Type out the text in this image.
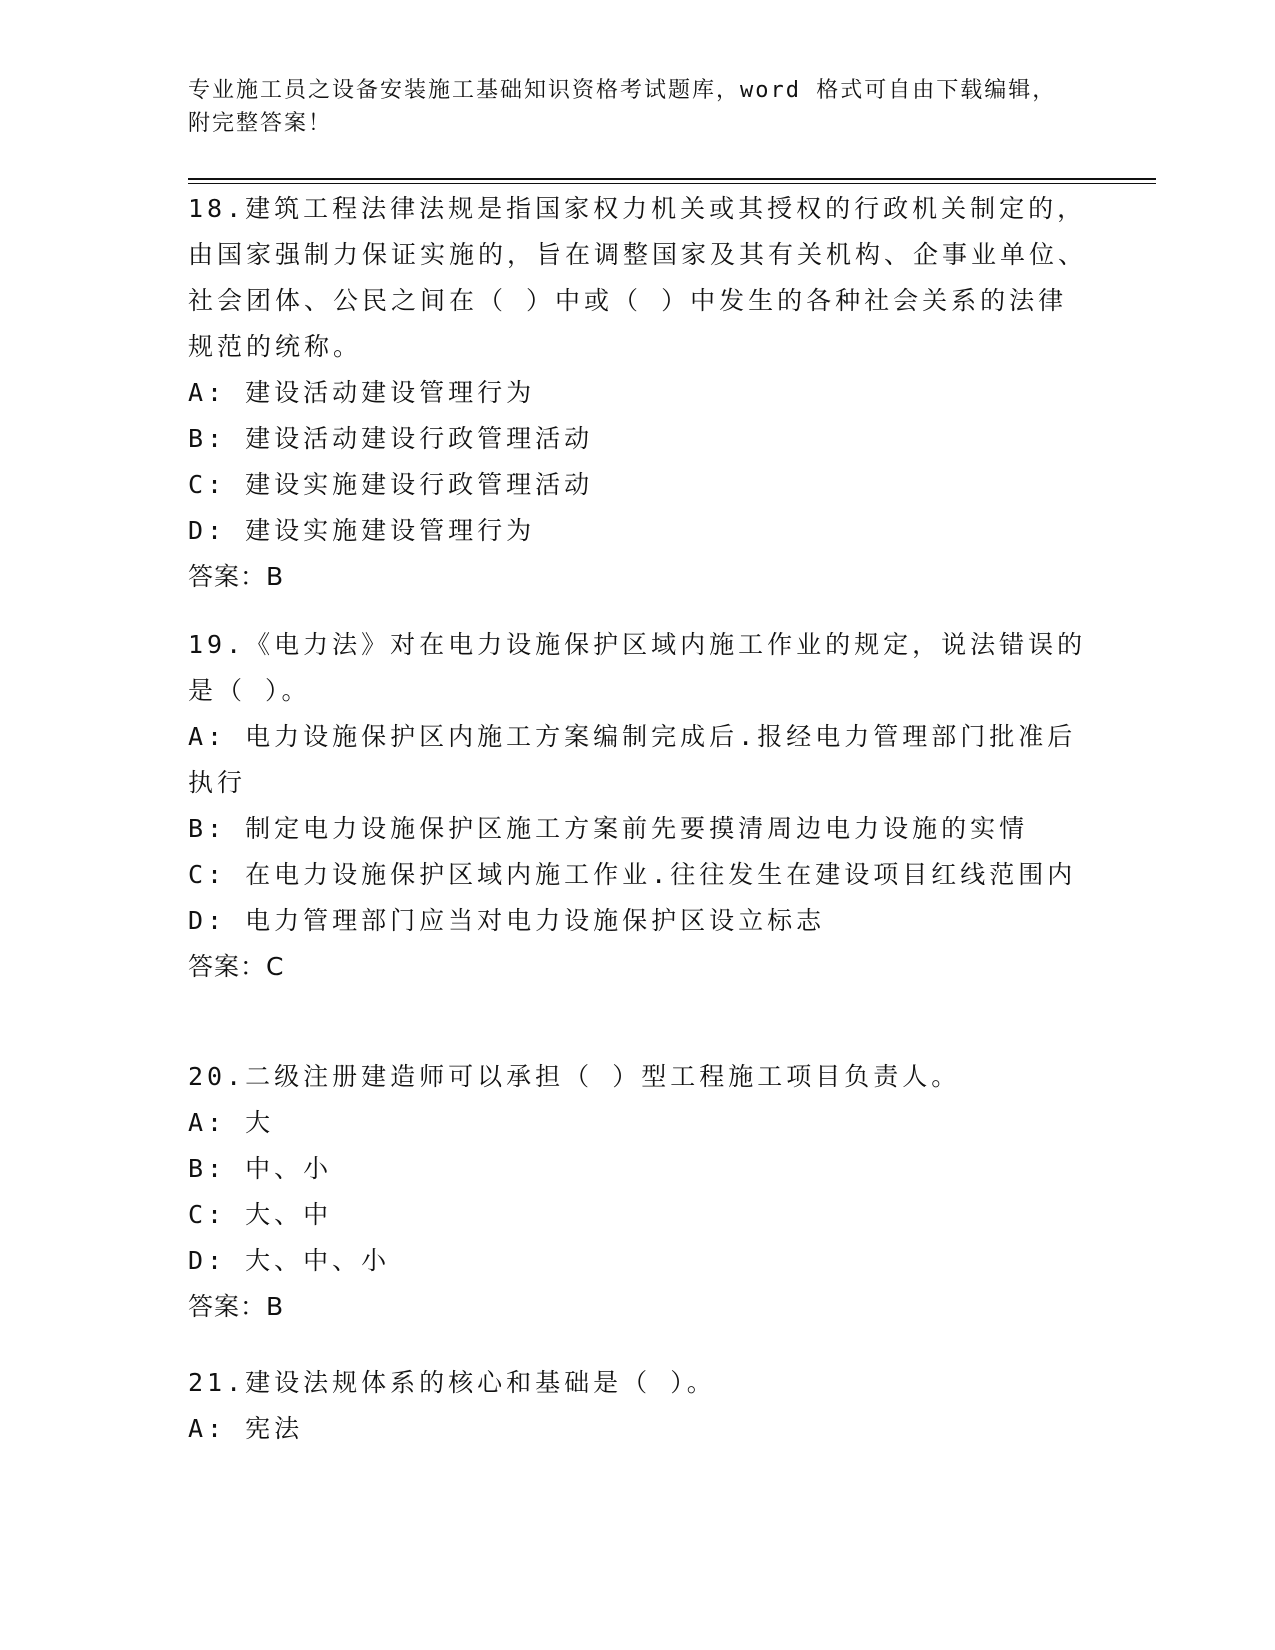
专业施工员之设备安装施工基础知识资格考试题库，word 格式可自由下载编辑，附完整答案！

18.建筑工程法律法规是指国家权力机关或其授权的行政机关制定的，由国家强制力保证实施的，旨在调整国家及其有关机构、企事业单位、社会团体、公民之间在（ ）中或（ ）中发生的各种社会关系的法律规范的统称。

A: 建设活动建设管理行为

B: 建设活动建设行政管理活动

C: 建设实施建设行政管理活动

D: 建设实施建设管理行为

答案：B

19.《电力法》对在电力设施保护区域内施工作业的规定，说法错误的是（ ）。

A: 电力设施保护区内施工方案编制完成后.报经电力管理部门批准后执行

B: 制定电力设施保护区施工方案前先要摸清周边电力设施的实情

C: 在电力设施保护区域内施工作业.往往发生在建设项目红线范围内

D: 电力管理部门应当对电力设施保护区设立标志

答案：C

20.二级注册建造师可以承担（ ）型工程施工项目负责人。

A: 大

B: 中、小

C: 大、中

D: 大、中、小

答案：B

21.建设法规体系的核心和基础是（ ）。

A: 宪法
